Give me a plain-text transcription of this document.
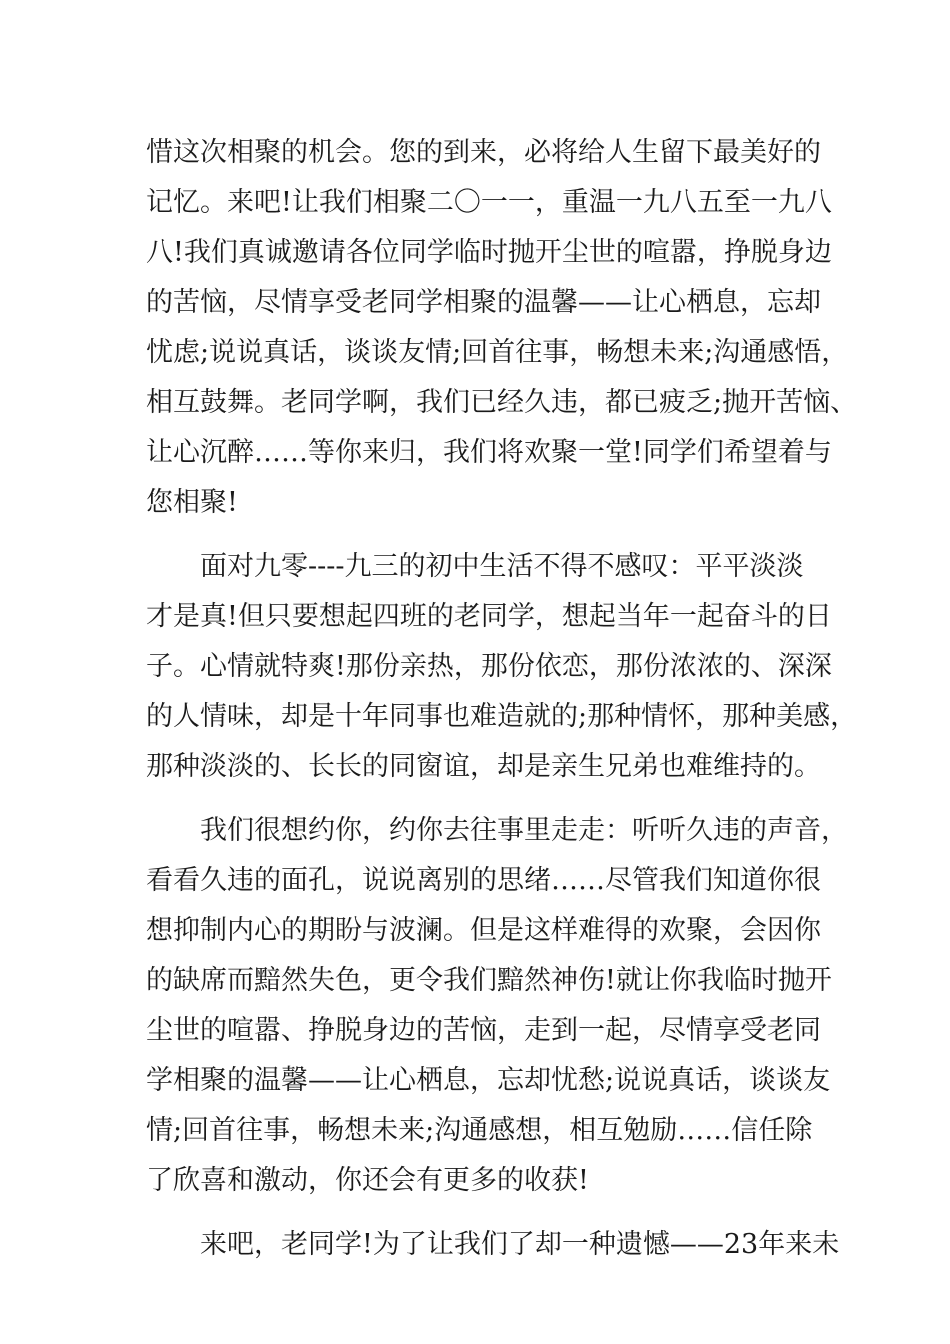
惜这次相聚的机会。您的到来，必将给人生留下最美好的
记忆。来吧!让我们相聚二〇一一，重温一九八五至一九八
八!我们真诚邀请各位同学临时抛开尘世的喧嚣，挣脱身边
的苦恼，尽情享受老同学相聚的温馨——让心栖息，忘却
忧虑;说说真话，谈谈友情;回首往事，畅想未来;沟通感悟，
相互鼓舞。老同学啊，我们已经久违，都已疲乏;抛开苦恼、
让心沉醉……等你来归，我们将欢聚一堂!同学们希望着与
您相聚!

　　面对九零----九三的初中生活不得不感叹：平平淡淡
才是真!但只要想起四班的老同学，想起当年一起奋斗的日
子。心情就特爽!那份亲热，那份依恋，那份浓浓的、深深
的人情味，却是十年同事也难造就的;那种情怀，那种美感，
那种淡淡的、长长的同窗谊，却是亲生兄弟也难维持的。

　　我们很想约你，约你去往事里走走：听听久违的声音，
看看久违的面孔，说说离别的思绪……尽管我们知道你很
想抑制内心的期盼与波澜。但是这样难得的欢聚，会因你
的缺席而黯然失色，更令我们黯然神伤!就让你我临时抛开
尘世的喧嚣、挣脱身边的苦恼，走到一起，尽情享受老同
学相聚的温馨——让心栖息，忘却忧愁;说说真话，谈谈友
情;回首往事，畅想未来;沟通感想，相互勉励……信任除
了欣喜和激动，你还会有更多的收获!

　　来吧，老同学!为了让我们了却一种遗憾——23年来未
